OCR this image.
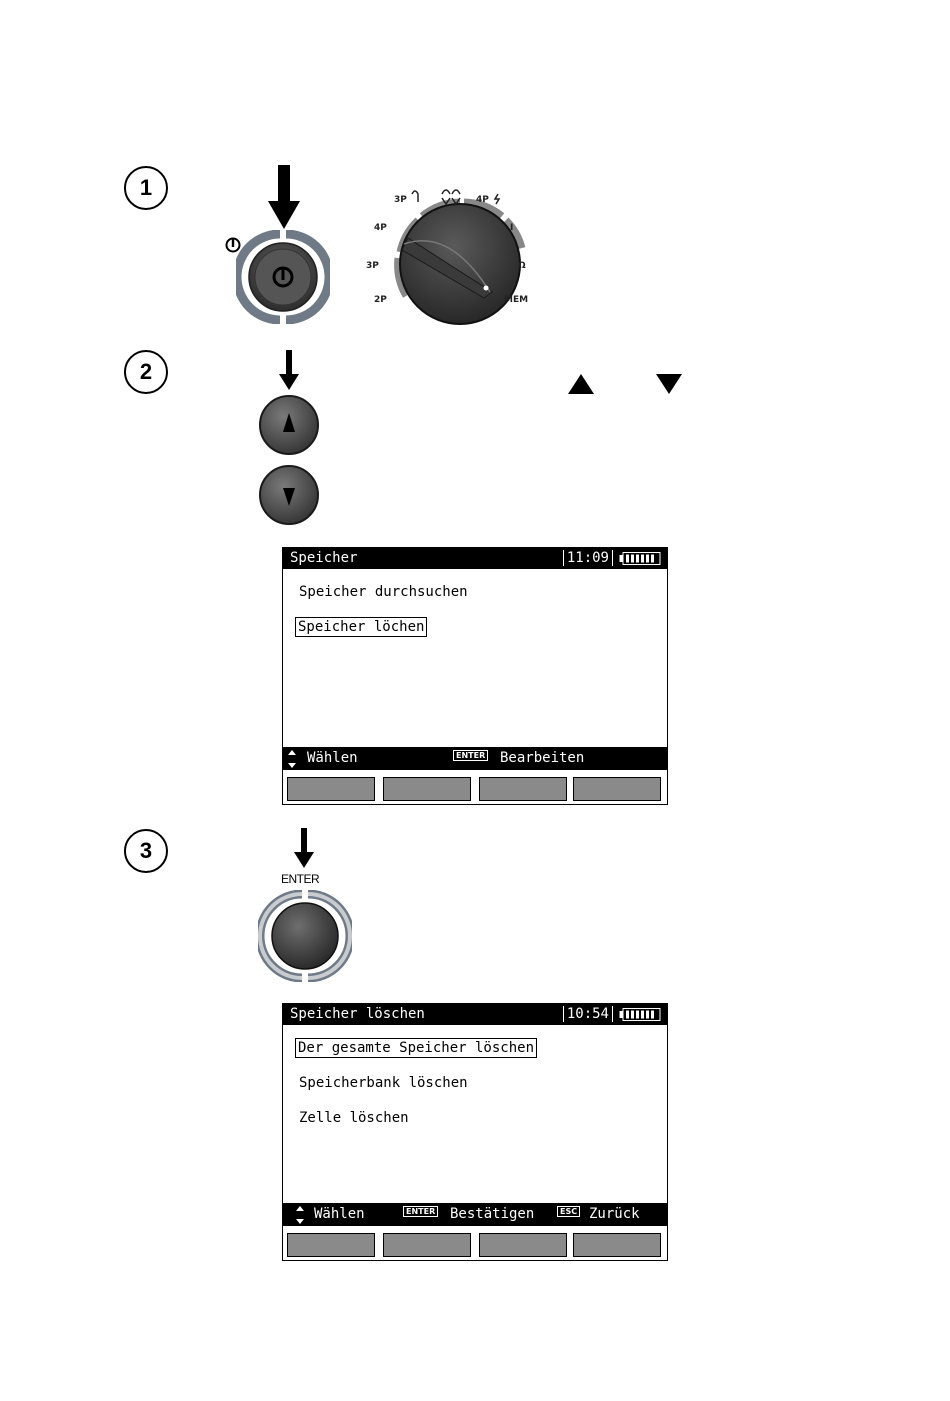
1	3P
4P
3P
2P
I
Ω
MEM
4P
2
Speicher	11:09
Speicher durchsuchen
Speicher löchen
Wählen	ENTER Bearbeiten
3
ENTER
Speicher löschen	10:54
Der gesamte Speicher löschen
Speicherbank löschen
Zelle löschen
Wählen	ENTER Bestätigen	ESC Zurück
